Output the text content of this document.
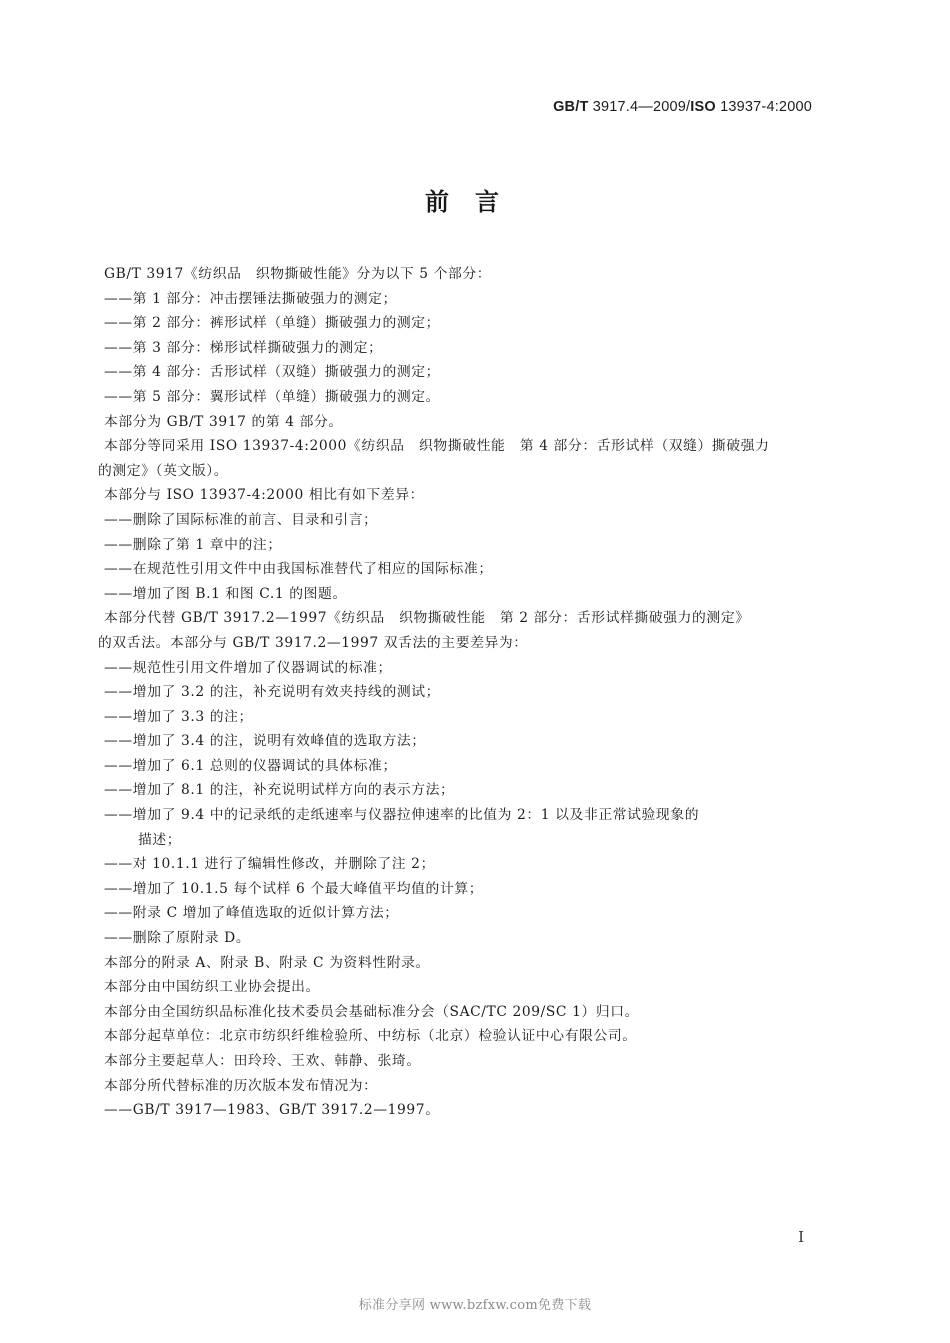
GB/T 3917.4—2009/ISO 13937-4:2000
前言
GB/T 3917《纺织品　织物撕破性能》分为以下 5 个部分：
——第 1 部分：冲击摆锤法撕破强力的测定；
——第 2 部分：裤形试样（单缝）撕破强力的测定；
——第 3 部分：梯形试样撕破强力的测定；
——第 4 部分：舌形试样（双缝）撕破强力的测定；
——第 5 部分：翼形试样（单缝）撕破强力的测定。
本部分为 GB/T 3917 的第 4 部分。
本部分等同采用 ISO 13937-4:2000《纺织品　织物撕破性能　第 4 部分：舌形试样（双缝）撕破强力
的测定》（英文版）。
本部分与 ISO 13937-4:2000 相比有如下差异：
——删除了国际标准的前言、目录和引言；
——删除了第 1 章中的注；
——在规范性引用文件中由我国标准替代了相应的国际标准；
——增加了图 B.1 和图 C.1 的图题。
本部分代替 GB/T 3917.2—1997《纺织品　织物撕破性能　第 2 部分：舌形试样撕破强力的测定》
的双舌法。本部分与 GB/T 3917.2—1997 双舌法的主要差异为：
——规范性引用文件增加了仪器调试的标准；
——增加了 3.2 的注，补充说明有效夹持线的测试；
——增加了 3.3 的注；
——增加了 3.4 的注，说明有效峰值的选取方法；
——增加了 6.1 总则的仪器调试的具体标准；
——增加了 8.1 的注，补充说明试样方向的表示方法；
——增加了 9.4 中的记录纸的走纸速率与仪器拉伸速率的比值为 2：1 以及非正常试验现象的
描述；
——对 10.1.1 进行了编辑性修改，并删除了注 2；
——增加了 10.1.5 每个试样 6 个最大峰值平均值的计算；
——附录 C 增加了峰值选取的近似计算方法；
——删除了原附录 D。
本部分的附录 A、附录 B、附录 C 为资料性附录。
本部分由中国纺织工业协会提出。
本部分由全国纺织品标准化技术委员会基础标准分会（SAC/TC 209/SC 1）归口。
本部分起草单位：北京市纺织纤维检验所、中纺标（北京）检验认证中心有限公司。
本部分主要起草人：田玲玲、王欢、韩静、张琦。
本部分所代替标准的历次版本发布情况为：
——GB/T 3917—1983、GB/T 3917.2—1997。
I
标准分享网 www.bzfxw.com免费下载
